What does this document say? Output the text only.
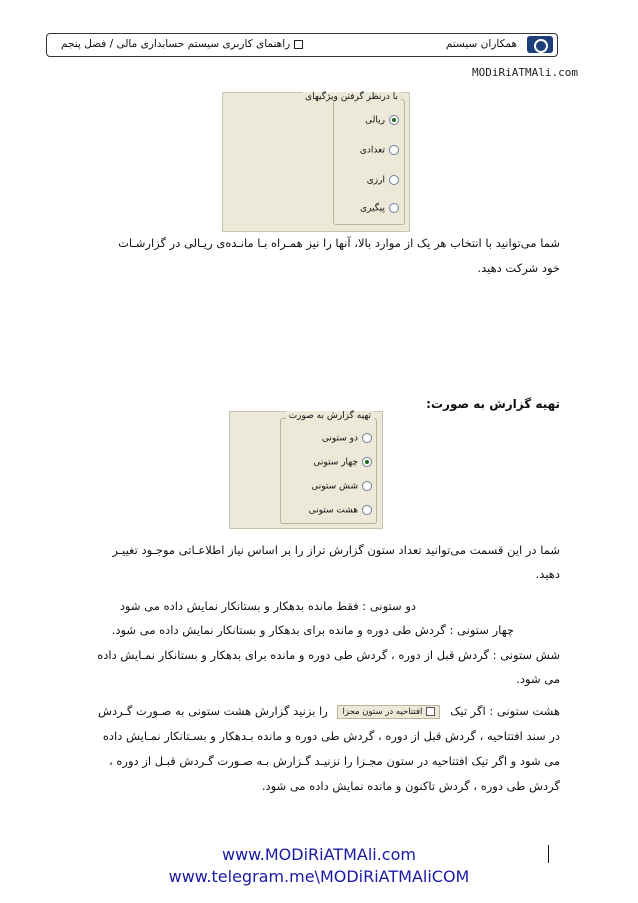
راهنمای کاربری سیستم حسابداری مالی / فصل پنجم	همکاران سیستم
MODiRiATMAli.com
با درنظر گرفتن ویژگیهای
ریالی
تعدادی
ارزی
پیگیری
شما می‌توانید با انتخاب هر یک از موارد بالا، آنها را نیز همـراه بـا مانـده‌ی ریـالی در گزارشـات
خود شرکت دهید.
تهیه گزارش به صورت:
تهیه گزارش به صورت
دو ستونی
چهار ستونی
شش ستونی
هشت ستونی
شما در این قسمت می‌توانید تعداد ستون گزارش تراز را بر اساس نیاز اطلاعـاتی موجـود تغییـر
دهید.
دو ستونی : فقط مانده بدهکار و بستانکار نمایش داده می شود
چهار ستونی : گردش طی دوره و مانده برای بدهکار و بستانکار نمایش داده می شود.
شش ستونی : گردش قبل از دوره ، گردش طی دوره و مانده برای بدهکار و بستانکار نمـایش داده
می شود.
هشت ستونی : اگر تیک افتتاحیه در ستون مجزا را بزنید گزارش هشت ستونی به صـورت گـردش
در سند افتتاحیه ، گردش قبل از دوره ، گردش طی دوره و مانده بـدهکار و بسـتانکار نمـایش داده
می شود و اگر تیک افتتاحیه در ستون مجـزا را نزنیـد گـزارش بـه صـورت گـردش قبـل از دوره ،
گردش طی دوره ، گردش تاکنون و مانده نمایش داده می شود.
www.MODiRiATMAli.com
www.telegram.me\MODiRiATMAliCOM
